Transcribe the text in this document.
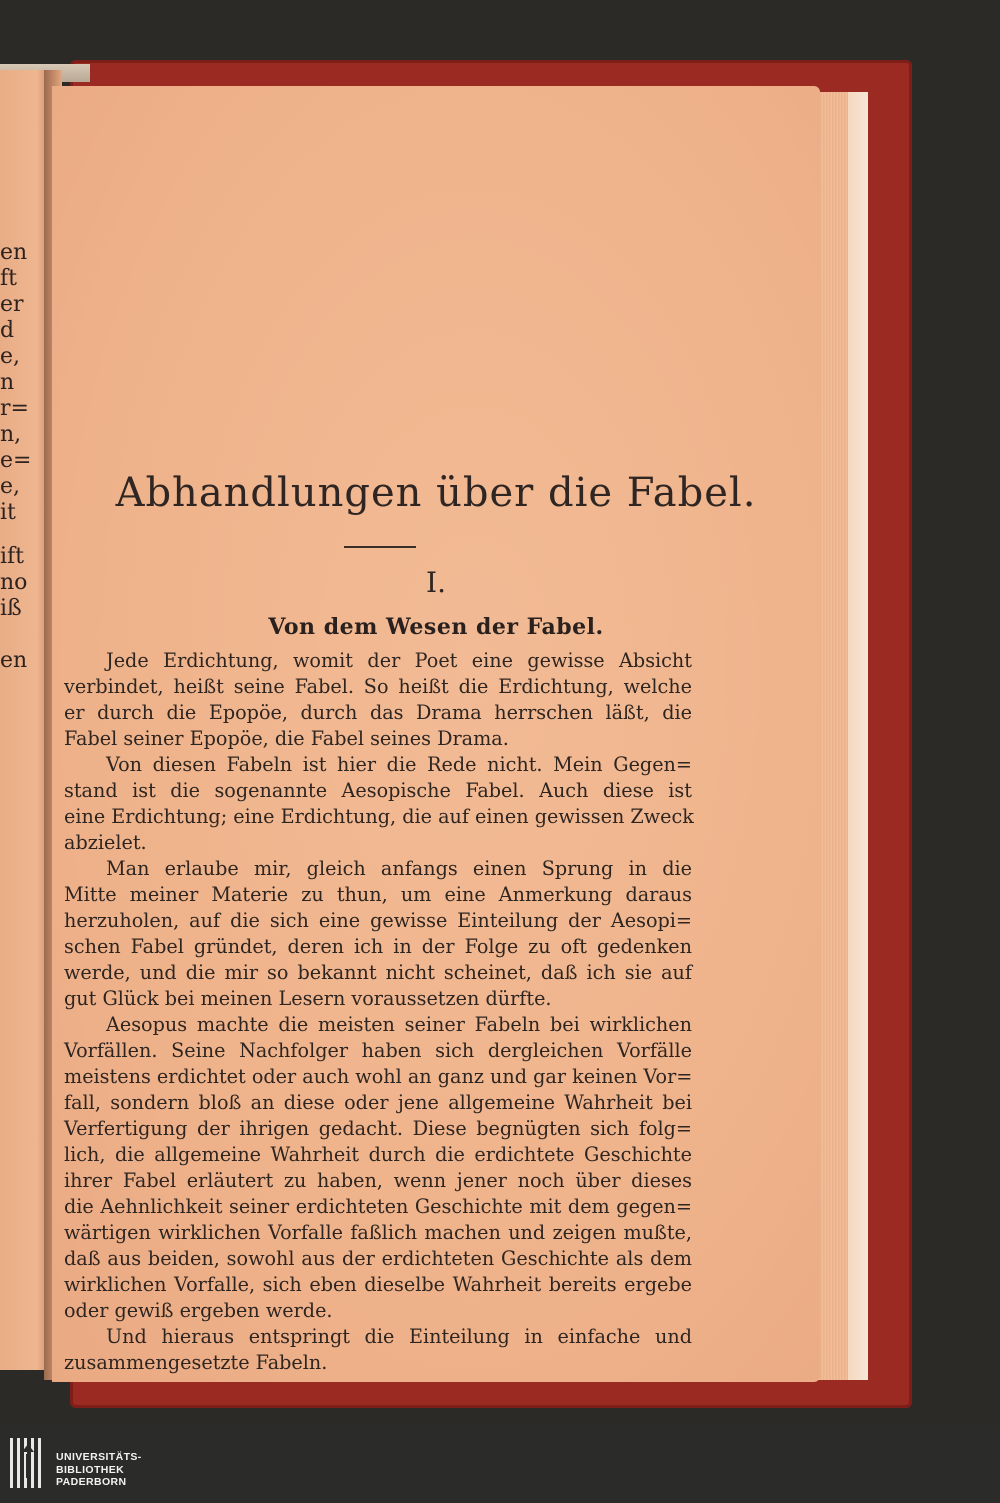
en
ft
er
d
e,
n
r=
n,
e=
e,
it
ift
no
iß
en
Abhandlungen über die Fabel.

I.

Von dem Wesen der Fabel.
Jede Erdichtung, womit der Poet eine gewisse Absicht
verbindet, heißt seine Fabel. So heißt die Erdichtung, welche
er durch die Epopöe, durch das Drama herrschen läßt, die
Fabel seiner Epopöe, die Fabel seines Drama.
Von diesen Fabeln ist hier die Rede nicht. Mein Gegen=
stand ist die sogenannte Aesopische Fabel. Auch diese ist
eine Erdichtung; eine Erdichtung, die auf einen gewissen Zweck
abzielet.
Man erlaube mir, gleich anfangs einen Sprung in die
Mitte meiner Materie zu thun, um eine Anmerkung daraus
herzuholen, auf die sich eine gewisse Einteilung der Aesopi=
schen Fabel gründet, deren ich in der Folge zu oft gedenken
werde, und die mir so bekannt nicht scheinet, daß ich sie auf
gut Glück bei meinen Lesern voraussetzen dürfte.
Aesopus machte die meisten seiner Fabeln bei wirklichen
Vorfällen. Seine Nachfolger haben sich dergleichen Vorfälle
meistens erdichtet oder auch wohl an ganz und gar keinen Vor=
fall, sondern bloß an diese oder jene allgemeine Wahrheit bei
Verfertigung der ihrigen gedacht. Diese begnügten sich folg=
lich, die allgemeine Wahrheit durch die erdichtete Geschichte
ihrer Fabel erläutert zu haben, wenn jener noch über dieses
die Aehnlichkeit seiner erdichteten Geschichte mit dem gegen=
wärtigen wirklichen Vorfalle faßlich machen und zeigen mußte,
daß aus beiden, sowohl aus der erdichteten Geschichte als dem
wirklichen Vorfalle, sich eben dieselbe Wahrheit bereits ergebe
oder gewiß ergeben werde.
Und hieraus entspringt die Einteilung in einfache und
zusammengesetzte Fabeln.
UNIVERSITÄTS-
BIBLIOTHEK
PADERBORN
